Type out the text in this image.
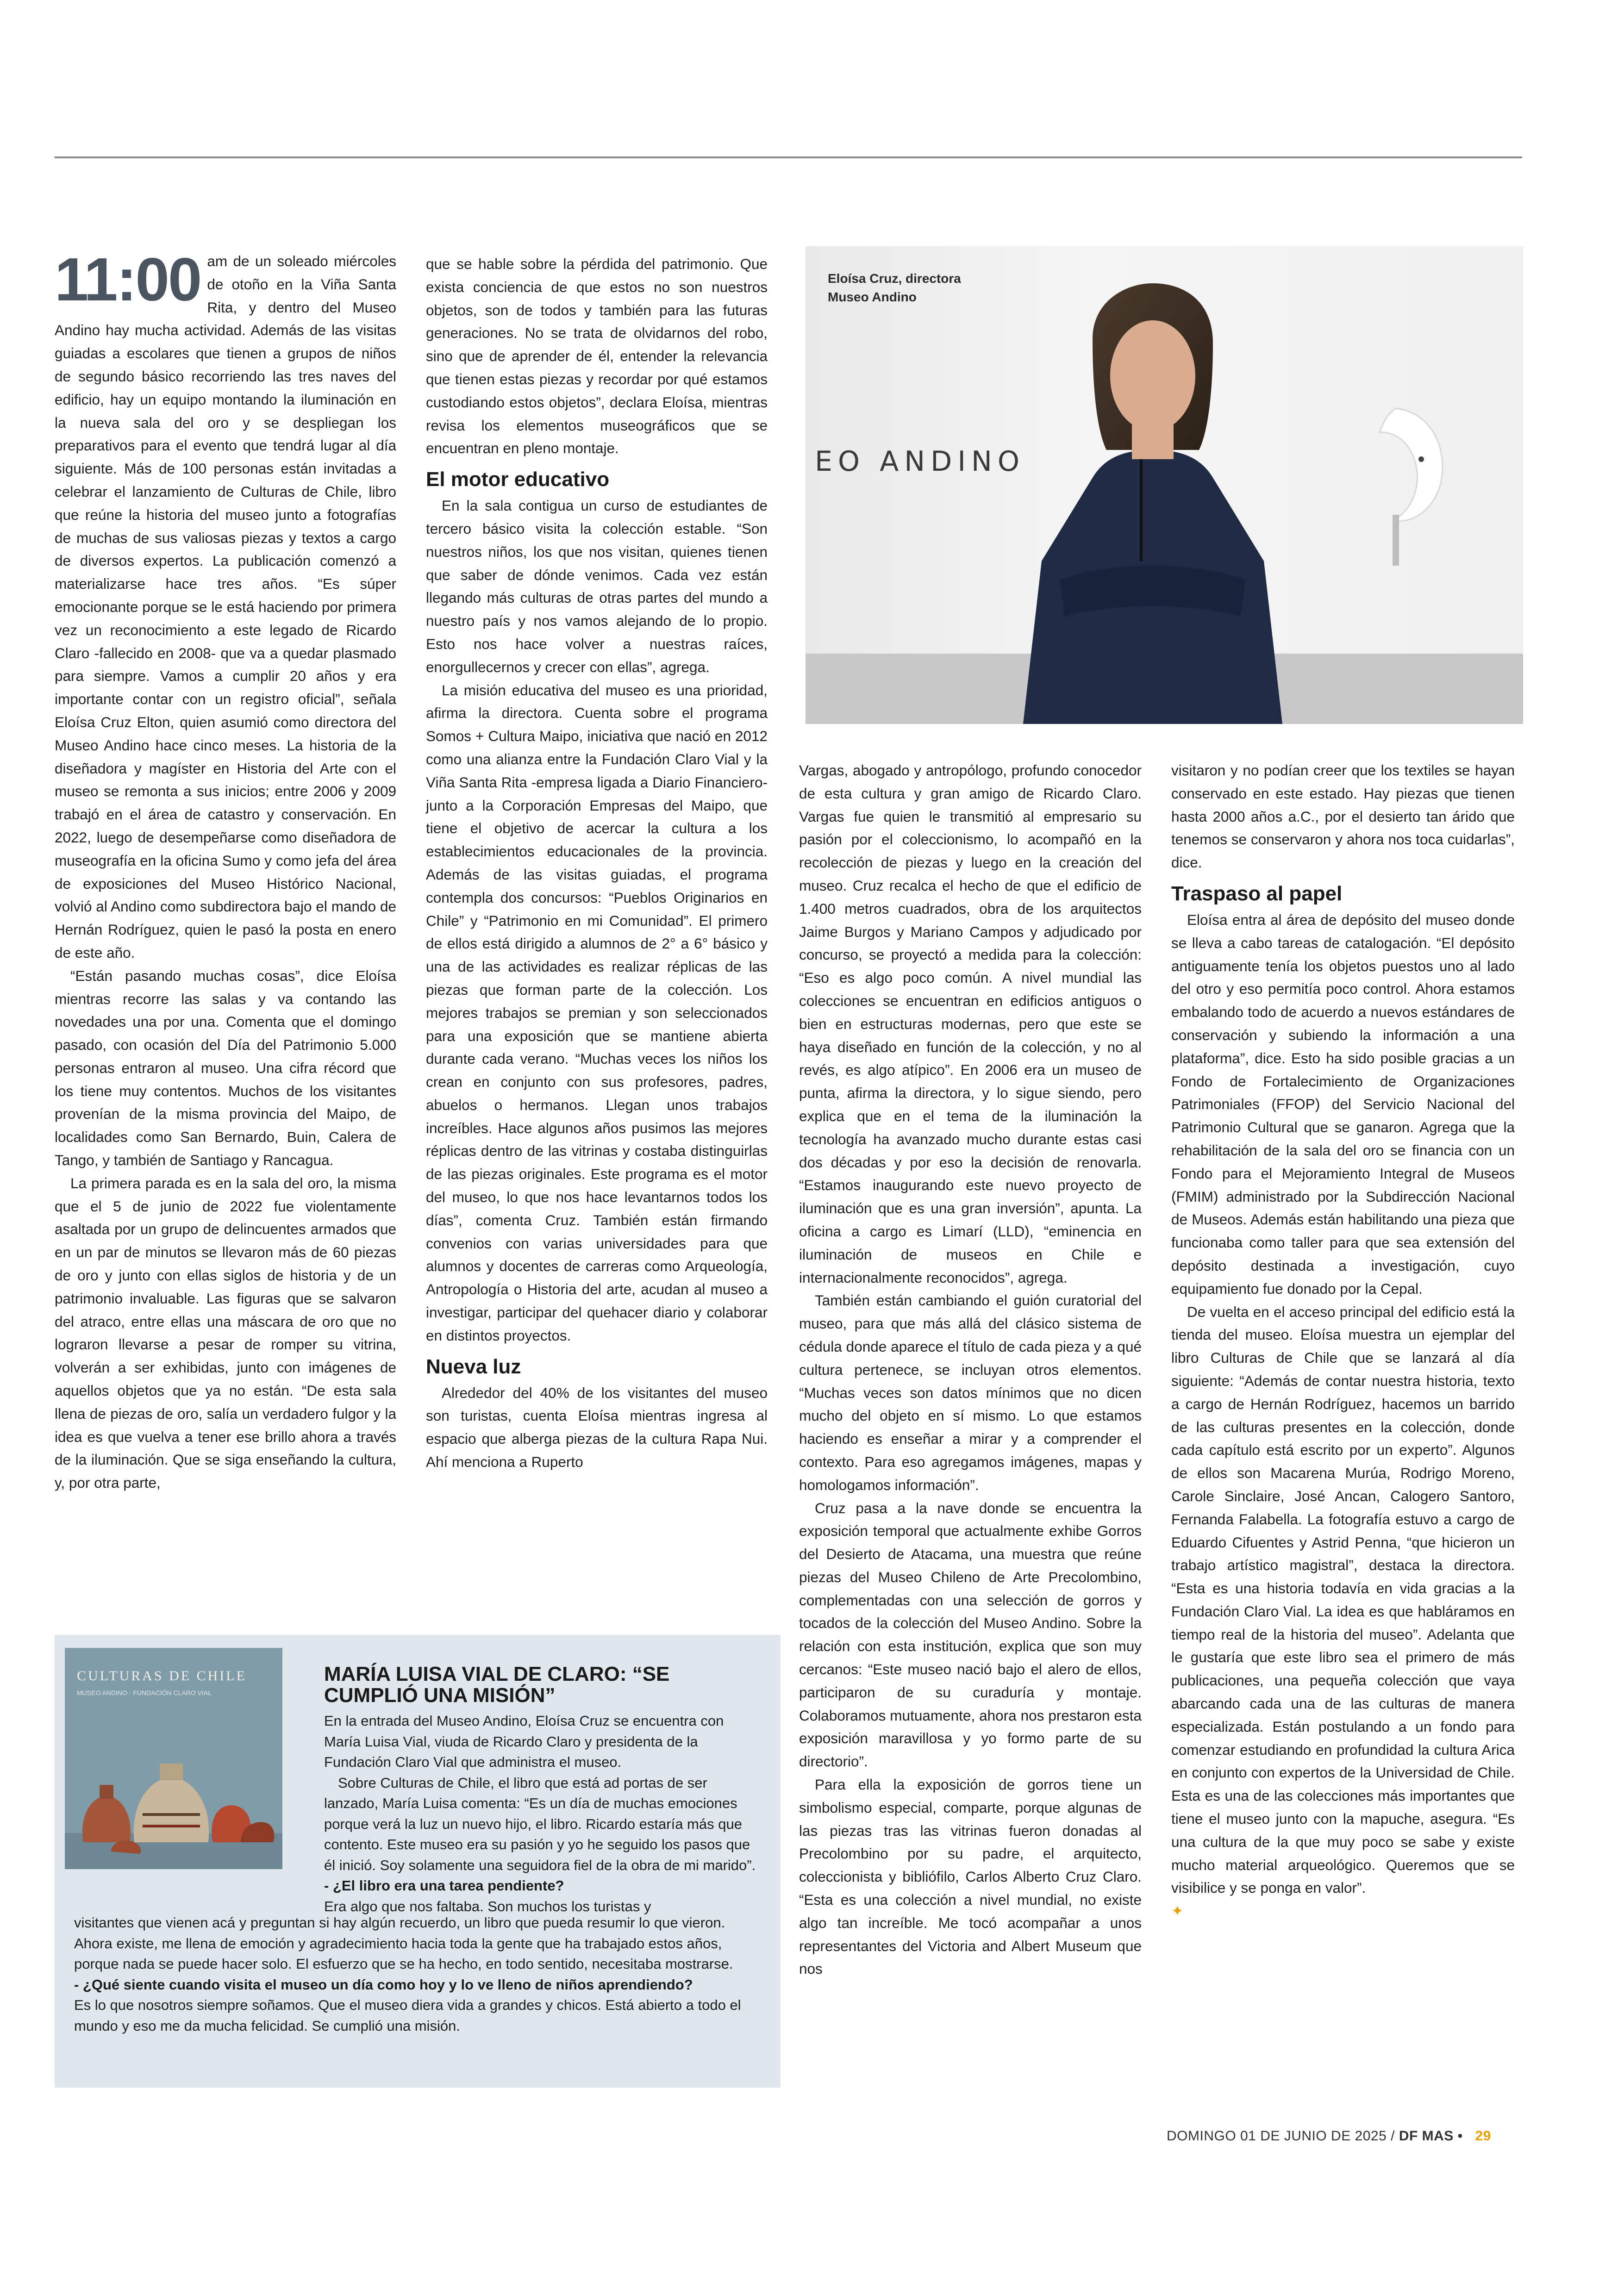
11:00 am de un soleado miércoles de otoño en la Viña Santa Rita, y dentro del Museo Andino hay mucha actividad. Además de las visitas guiadas a escolares que tienen a grupos de niños de segundo básico recorriendo las tres naves del edificio, hay un equipo montando la iluminación en la nueva sala del oro y se despliegan los preparativos para el evento que tendrá lugar al día siguiente. Más de 100 personas están invitadas a celebrar el lanzamiento de Culturas de Chile, libro que reúne la historia del museo junto a fotografías de muchas de sus valiosas piezas y textos a cargo de diversos expertos. La publicación comenzó a materializarse hace tres años. “Es súper emocionante porque se le está haciendo por primera vez un reconocimiento a este legado de Ricardo Claro -fallecido en 2008- que va a quedar plasmado para siempre. Vamos a cumplir 20 años y era importante contar con un registro oficial”, señala Eloísa Cruz Elton, quien asumió como directora del Museo Andino hace cinco meses. La historia de la diseñadora y magíster en Historia del Arte con el museo se remonta a sus inicios; entre 2006 y 2009 trabajó en el área de catastro y conservación. En 2022, luego de desempeñarse como diseñadora de museografía en la oficina Sumo y como jefa del área de exposiciones del Museo Histórico Nacional, volvió al Andino como subdirectora bajo el mando de Hernán Rodríguez, quien le pasó la posta en enero de este año.

“Están pasando muchas cosas”, dice Eloísa mientras recorre las salas y va contando las novedades una por una. Comenta que el domingo pasado, con ocasión del Día del Patrimonio 5.000 personas entraron al museo. Una cifra récord que los tiene muy contentos. Muchos de los visitantes provenían de la misma provincia del Maipo, de localidades como San Bernardo, Buin, Calera de Tango, y también de Santiago y Rancagua.

La primera parada es en la sala del oro, la misma que el 5 de junio de 2022 fue violentamente asaltada por un grupo de delincuentes armados que en un par de minutos se llevaron más de 60 piezas de oro y junto con ellas siglos de historia y de un patrimonio invaluable. Las figuras que se salvaron del atraco, entre ellas una máscara de oro que no lograron llevarse a pesar de romper su vitrina, volverán a ser exhibidas, junto con imágenes de aquellos objetos que ya no están. “De esta sala llena de piezas de oro, salía un verdadero fulgor y la idea es que vuelva a tener ese brillo ahora a través de la iluminación. Que se siga enseñando la cultura, y, por otra parte,

que se hable sobre la pérdida del patrimonio. Que exista conciencia de que estos no son nuestros objetos, son de todos y también para las futuras generaciones. No se trata de olvidarnos del robo, sino que de aprender de él, entender la relevancia que tienen estas piezas y recordar por qué estamos custodiando estos objetos”, declara Eloísa, mientras revisa los elementos museográficos que se encuentran en pleno montaje.

El motor educativo

En la sala contigua un curso de estudiantes de tercero básico visita la colección estable. “Son nuestros niños, los que nos visitan, quienes tienen que saber de dónde venimos. Cada vez están llegando más culturas de otras partes del mundo a nuestro país y nos vamos alejando de lo propio. Esto nos hace volver a nuestras raíces, enorgullecernos y crecer con ellas”, agrega.

La misión educativa del museo es una prioridad, afirma la directora. Cuenta sobre el programa Somos + Cultura Maipo, iniciativa que nació en 2012 como una alianza entre la Fundación Claro Vial y la Viña Santa Rita -empresa ligada a Diario Financiero- junto a la Corporación Empresas del Maipo, que tiene el objetivo de acercar la cultura a los establecimientos educacionales de la provincia. Además de las visitas guiadas, el programa contempla dos concursos: “Pueblos Originarios en Chile” y “Patrimonio en mi Comunidad”. El primero de ellos está dirigido a alumnos de 2° a 6° básico y una de las actividades es realizar réplicas de las piezas que forman parte de la colección. Los mejores trabajos se premian y son seleccionados para una exposición que se mantiene abierta durante cada verano. “Muchas veces los niños los crean en conjunto con sus profesores, padres, abuelos o hermanos. Llegan unos trabajos increíbles. Hace algunos años pusimos las mejores réplicas dentro de las vitrinas y costaba distinguirlas de las piezas originales. Este programa es el motor del museo, lo que nos hace levantarnos todos los días”, comenta Cruz. También están firmando convenios con varias universidades para que alumnos y docentes de carreras como Arqueología, Antropología o Historia del arte, acudan al museo a investigar, participar del quehacer diario y colaborar en distintos proyectos.

Nueva luz

Alrededor del 40% de los visitantes del museo son turistas, cuenta Eloísa mientras ingresa al espacio que alberga piezas de la cultura Rapa Nui. Ahí menciona a Ruperto

EO ANDINO
Eloísa Cruz, directora
Museo Andino

Vargas, abogado y antropólogo, profundo conocedor de esta cultura y gran amigo de Ricardo Claro. Vargas fue quien le transmitió al empresario su pasión por el coleccionismo, lo acompañó en la recolección de piezas y luego en la creación del museo. Cruz recalca el hecho de que el edificio de 1.400 metros cuadrados, obra de los arquitectos Jaime Burgos y Mariano Campos y adjudicado por concurso, se proyectó a medida para la colección: “Eso es algo poco común. A nivel mundial las colecciones se encuentran en edificios antiguos o bien en estructuras modernas, pero que este se haya diseñado en función de la colección, y no al revés, es algo atípico”. En 2006 era un museo de punta, afirma la directora, y lo sigue siendo, pero explica que en el tema de la iluminación la tecnología ha avanzado mucho durante estas casi dos décadas y por eso la decisión de renovarla. “Estamos inaugurando este nuevo proyecto de iluminación que es una gran inversión”, apunta. La oficina a cargo es Limarí (LLD), “eminencia en iluminación de museos en Chile e internacionalmente reconocidos”, agrega.

También están cambiando el guión curatorial del museo, para que más allá del clásico sistema de cédula donde aparece el título de cada pieza y a qué cultura pertenece, se incluyan otros elementos. “Muchas veces son datos mínimos que no dicen mucho del objeto en sí mismo. Lo que estamos haciendo es enseñar a mirar y a comprender el contexto. Para eso agregamos imágenes, mapas y homologamos información”.

Cruz pasa a la nave donde se encuentra la exposición temporal que actualmente exhibe Gorros del Desierto de Atacama, una muestra que reúne piezas del Museo Chileno de Arte Precolombino, complementadas con una selección de gorros y tocados de la colección del Museo Andino. Sobre la relación con esta institución, explica que son muy cercanos: “Este museo nació bajo el alero de ellos, participaron de su curaduría y montaje. Colaboramos mutuamente, ahora nos prestaron esta exposición maravillosa y yo formo parte de su directorio”.

Para ella la exposición de gorros tiene un simbolismo especial, comparte, porque algunas de las piezas tras las vitrinas fueron donadas al Precolombino por su padre, el arquitecto, coleccionista y bibliófilo, Carlos Alberto Cruz Claro. “Esta es una colección a nivel mundial, no existe algo tan increíble. Me tocó acompañar a unos representantes del Victoria and Albert Museum que nos

visitaron y no podían creer que los textiles se hayan conservado en este estado. Hay piezas que tienen hasta 2000 años a.C., por el desierto tan árido que tenemos se conservaron y ahora nos toca cuidarlas”, dice.

Traspaso al papel

Eloísa entra al área de depósito del museo donde se lleva a cabo tareas de catalogación. “El depósito antiguamente tenía los objetos puestos uno al lado del otro y eso permitía poco control. Ahora estamos embalando todo de acuerdo a nuevos estándares de conservación y subiendo la información a una plataforma”, dice. Esto ha sido posible gracias a un Fondo de Fortalecimiento de Organizaciones Patrimoniales (FFOP) del Servicio Nacional del Patrimonio Cultural que se ganaron. Agrega que la rehabilitación de la sala del oro se financia con un Fondo para el Mejoramiento Integral de Museos (FMIM) administrado por la Subdirección Nacional de Museos. Además están habilitando una pieza que funcionaba como taller para que sea extensión del depósito destinada a investigación, cuyo equipamiento fue donado por la Cepal.

De vuelta en el acceso principal del edificio está la tienda del museo. Eloísa muestra un ejemplar del libro Culturas de Chile que se lanzará al día siguiente: “Además de contar nuestra historia, texto a cargo de Hernán Rodríguez, hacemos un barrido de las culturas presentes en la colección, donde cada capítulo está escrito por un experto”. Algunos de ellos son Macarena Murúa, Rodrigo Moreno, Carole Sinclaire, José Ancan, Calogero Santoro, Fernanda Falabella. La fotografía estuvo a cargo de Eduardo Cifuentes y Astrid Penna, “que hicieron un trabajo artístico magistral”, destaca la directora. “Esta es una historia todavía en vida gracias a la Fundación Claro Vial. La idea es que habláramos en tiempo real de la historia del museo”. Adelanta que le gustaría que este libro sea el primero de más publicaciones, una pequeña colección que vaya abarcando cada una de las culturas de manera especializada. Están postulando a un fondo para comenzar estudiando en profundidad la cultura Arica en conjunto con expertos de la Universidad de Chile. Esta es una de las colecciones más importantes que tiene el museo junto con la mapuche, asegura. “Es una cultura de la que muy poco se sabe y existe mucho material arqueológico. Queremos que se visibilice y se ponga en valor”.

✦

CULTURAS DE CHILE
MUSEO ANDINO · FUNDACIÓN CLARO VIAL

MARÍA LUISA VIAL DE CLARO: “SE CUMPLIÓ UNA MISIÓN”

En la entrada del Museo Andino, Eloísa Cruz se encuentra con María Luisa Vial, viuda de Ricardo Claro y presidenta de la Fundación Claro Vial que administra el museo.

Sobre Culturas de Chile, el libro que está ad portas de ser lanzado, María Luisa comenta: “Es un día de muchas emociones porque verá la luz un nuevo hijo, el libro. Ricardo estaría más que contento. Este museo era su pasión y yo he seguido los pasos que él inició. Soy solamente una seguidora fiel de la obra de mi marido”.

- ¿El libro era una tarea pendiente?

Era algo que nos faltaba. Son muchos los turistas y

visitantes que vienen acá y preguntan si hay algún recuerdo, un libro que pueda resumir lo que vieron. Ahora existe, me llena de emoción y agradecimiento hacia toda la gente que ha trabajado estos años, porque nada se puede hacer solo. El esfuerzo que se ha hecho, en todo sentido, necesitaba mostrarse.

- ¿Qué siente cuando visita el museo un día como hoy y lo ve lleno de niños aprendiendo?

Es lo que nosotros siempre soñamos. Que el museo diera vida a grandes y chicos. Está abierto a todo el mundo y eso me da mucha felicidad. Se cumplió una misión.

DOMINGO 01 DE JUNIO DE 2025 / DF MAS • 29
